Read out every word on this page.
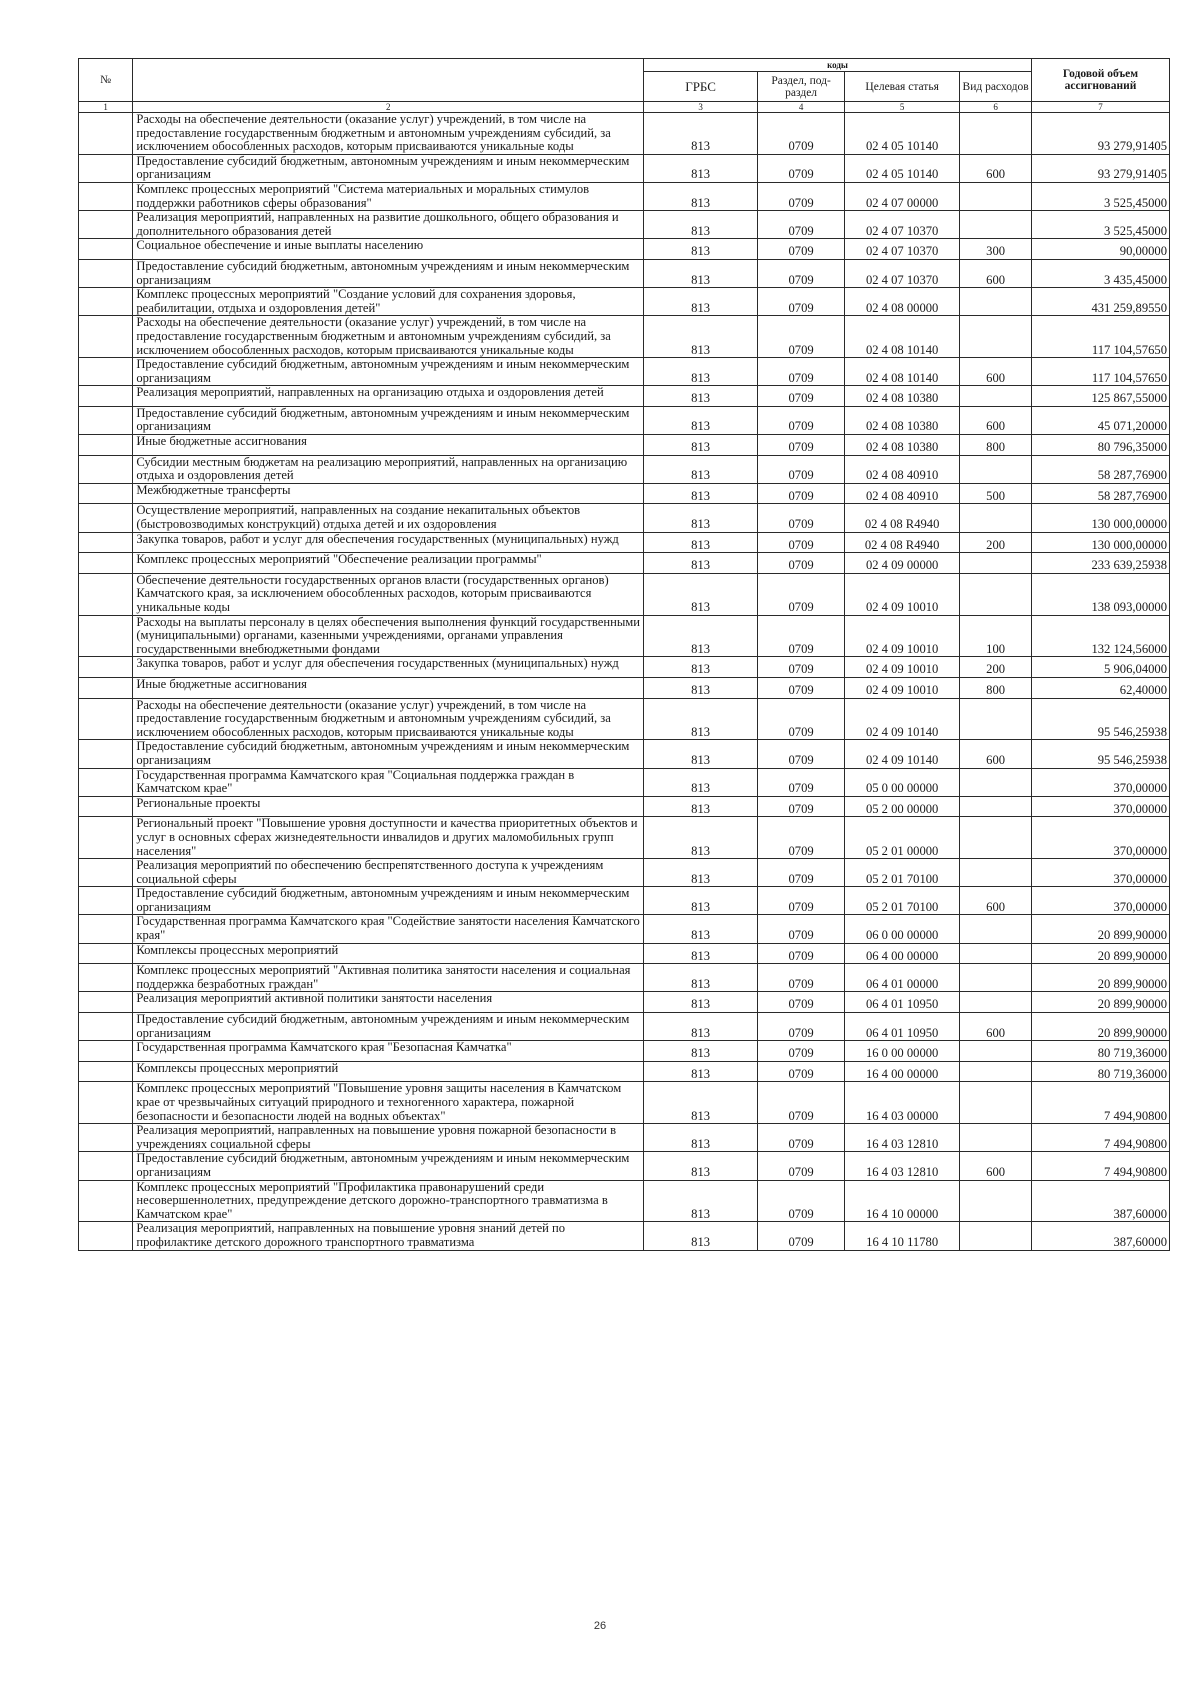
№		коды				Годовой объем ассигнований
		ГРБС	Раздел, под-раздел	Целевая статья	Вид расходов	
1	2	3	4	5	6	7
	Расходы на обеспечение деятельности (оказание услуг) учреждений, в том числе на предоставление государственным бюджетным и автономным учреждениям субсидий, за исключением обособленных расходов, которым присваиваются уникальные коды	813	0709	02 4 05 10140		93 279,91405
	Предоставление субсидий бюджетным, автономным учреждениям и иным некоммерческим организациям	813	0709	02 4 05 10140	600	93 279,91405
	Комплекс процессных мероприятий "Система материальных и моральных стимулов поддержки работников сферы образования"	813	0709	02 4 07 00000		3 525,45000
	Реализация мероприятий, направленных на развитие дошкольного, общего образования и дополнительного образования детей	813	0709	02 4 07 10370		3 525,45000
	Социальное обеспечение и иные выплаты населению	813	0709	02 4 07 10370	300	90,00000
	Предоставление субсидий бюджетным, автономным учреждениям и иным некоммерческим организациям	813	0709	02 4 07 10370	600	3 435,45000
	Комплекс процессных мероприятий "Создание условий для сохранения здоровья, реабилитации, отдыха и оздоровления детей"	813	0709	02 4 08 00000		431 259,89550
	Расходы на обеспечение деятельности (оказание услуг) учреждений, в том числе на предоставление государственным бюджетным и автономным учреждениям субсидий, за исключением обособленных расходов, которым присваиваются уникальные коды	813	0709	02 4 08 10140		117 104,57650
	Предоставление субсидий бюджетным, автономным учреждениям и иным некоммерческим организациям	813	0709	02 4 08 10140	600	117 104,57650
	Реализация мероприятий, направленных на организацию отдыха и оздоровления детей	813	0709	02 4 08 10380		125 867,55000
	Предоставление субсидий бюджетным, автономным учреждениям и иным некоммерческим организациям	813	0709	02 4 08 10380	600	45 071,20000
	Иные бюджетные ассигнования	813	0709	02 4 08 10380	800	80 796,35000
	Субсидии местным бюджетам на реализацию мероприятий, направленных на организацию отдыха и оздоровления детей	813	0709	02 4 08 40910		58 287,76900
	Межбюджетные трансферты	813	0709	02 4 08 40910	500	58 287,76900
	Осуществление мероприятий, направленных на создание некапитальных объектов (быстровозводимых конструкций) отдыха детей и их оздоровления	813	0709	02 4 08 R4940		130 000,00000
	Закупка товаров, работ и услуг для обеспечения государственных (муниципальных) нужд	813	0709	02 4 08 R4940	200	130 000,00000
	Комплекс процессных мероприятий "Обеспечение реализации программы"	813	0709	02 4 09 00000		233 639,25938
	Обеспечение деятельности государственных органов власти (государственных органов) Камчатского края, за исключением обособленных расходов, которым присваиваются уникальные коды	813	0709	02 4 09 10010		138 093,00000
	Расходы на выплаты персоналу в целях обеспечения выполнения функций государственными (муниципальными) органами, казенными учреждениями, органами управления государственными внебюджетными фондами	813	0709	02 4 09 10010	100	132 124,56000
	Закупка товаров, работ и услуг для обеспечения государственных (муниципальных) нужд	813	0709	02 4 09 10010	200	5 906,04000
	Иные бюджетные ассигнования	813	0709	02 4 09 10010	800	62,40000
	Расходы на обеспечение деятельности (оказание услуг) учреждений, в том числе на предоставление государственным бюджетным и автономным учреждениям субсидий, за исключением обособленных расходов, которым присваиваются уникальные коды	813	0709	02 4 09 10140		95 546,25938
	Предоставление субсидий бюджетным, автономным учреждениям и иным некоммерческим организациям	813	0709	02 4 09 10140	600	95 546,25938
	Государственная программа Камчатского края "Социальная поддержка граждан в Камчатском крае"	813	0709	05 0 00 00000		370,00000
	Региональные проекты	813	0709	05 2 00 00000		370,00000
	Региональный проект "Повышение уровня доступности и качества приоритетных объектов и услуг в основных сферах жизнедеятельности инвалидов и других маломобильных групп населения"	813	0709	05 2 01 00000		370,00000
	Реализация мероприятий по обеспечению беспрепятственного доступа к учреждениям социальной сферы	813	0709	05 2 01 70100		370,00000
	Предоставление субсидий бюджетным, автономным учреждениям и иным некоммерческим организациям	813	0709	05 2 01 70100	600	370,00000
	Государственная программа Камчатского края "Содействие занятости населения Камчатского края"	813	0709	06 0 00 00000		20 899,90000
	Комплексы процессных мероприятий	813	0709	06 4 00 00000		20 899,90000
	Комплекс процессных мероприятий "Активная политика занятости населения и социальная поддержка безработных граждан"	813	0709	06 4 01 00000		20 899,90000
	Реализация мероприятий активной политики занятости населения	813	0709	06 4 01 10950		20 899,90000
	Предоставление субсидий бюджетным, автономным учреждениям и иным некоммерческим организациям	813	0709	06 4 01 10950	600	20 899,90000
	Государственная программа Камчатского края "Безопасная Камчатка"	813	0709	16 0 00 00000		80 719,36000
	Комплексы процессных мероприятий	813	0709	16 4 00 00000		80 719,36000
	Комплекс процессных мероприятий "Повышение уровня защиты населения в Камчатском крае от чрезвычайных ситуаций природного и техногенного характера, пожарной безопасности и безопасности людей на водных объектах"	813	0709	16 4 03 00000		7 494,90800
	Реализация мероприятий, направленных на повышение уровня пожарной безопасности в учреждениях социальной сферы	813	0709	16 4 03 12810		7 494,90800
	Предоставление субсидий бюджетным, автономным учреждениям и иным некоммерческим организациям	813	0709	16 4 03 12810	600	7 494,90800
	Комплекс процессных мероприятий "Профилактика правонарушений среди несовершеннолетних, предупреждение детского дорожно-транспортного травматизма в Камчатском крае"	813	0709	16 4 10 00000		387,60000
	Реализация мероприятий, направленных на повышение уровня знаний детей по профилактике детского дорожного транспортного травматизма	813	0709	16 4 10 11780		387,60000
26
